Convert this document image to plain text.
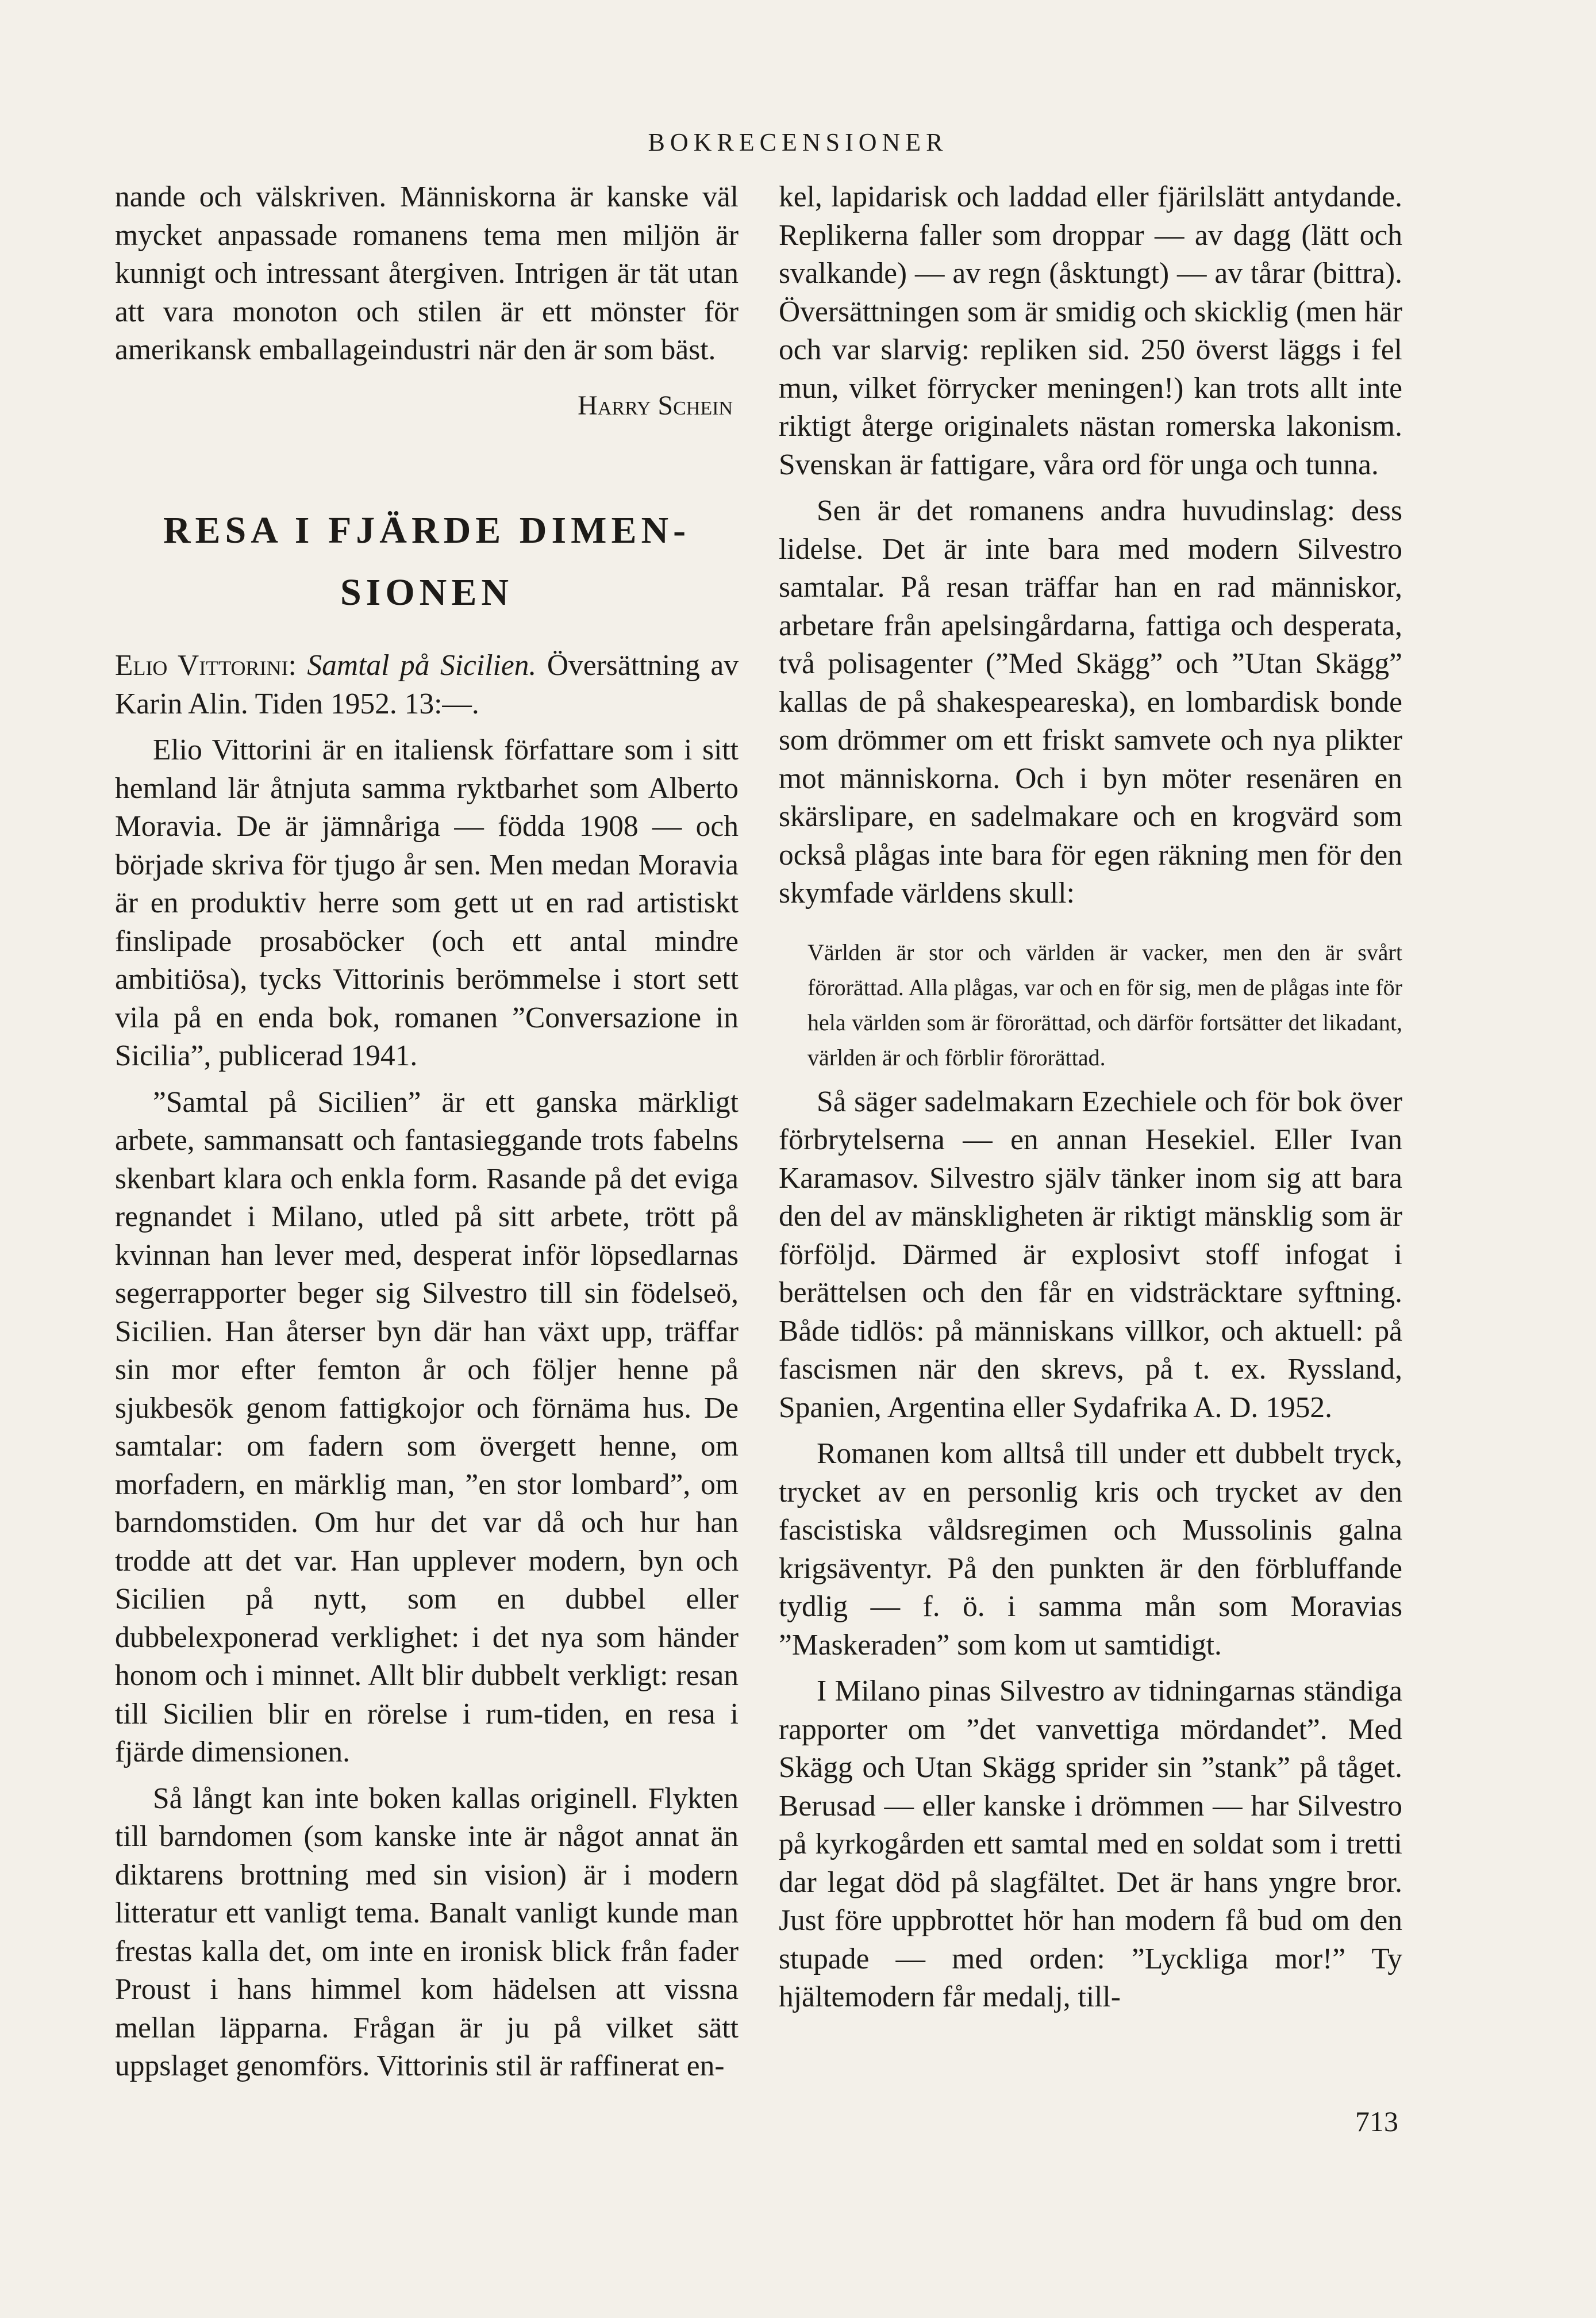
BOKRECENSIONER

nande och välskriven. Människorna är kanske väl mycket anpassade romanens tema men miljön är kunnigt och intressant återgiven. Intrigen är tät utan att vara monoton och stilen är ett mönster för amerikansk emballageindustri när den är som bäst.

Harry Schein

RESA I FJÄRDE DIMEN-
SIONEN

Elio Vittorini: Samtal på Sicilien. Översättning av Karin Alin. Tiden 1952. 13:—.

Elio Vittorini är en italiensk författare som i sitt hemland lär åtnjuta samma ryktbarhet som Alberto Moravia. De är jämnåriga — födda 1908 — och började skriva för tjugo år sen. Men medan Moravia är en produktiv herre som gett ut en rad artistiskt finslipade prosaböcker (och ett antal mindre ambitiösa), tycks Vittorinis berömmelse i stort sett vila på en enda bok, romanen ”Conversazione in Sicilia”, publicerad 1941.

”Samtal på Sicilien” är ett ganska märkligt arbete, sammansatt och fantasieggande trots fabelns skenbart klara och enkla form. Rasande på det eviga regnandet i Milano, utled på sitt arbete, trött på kvinnan han lever med, desperat inför löpsedlarnas segerrapporter beger sig Silvestro till sin födelseö, Sicilien. Han återser byn där han växt upp, träffar sin mor efter femton år och följer henne på sjukbesök genom fattigkojor och förnäma hus. De samtalar: om fadern som övergett henne, om morfadern, en märklig man, ”en stor lombard”, om barndomstiden. Om hur det var då och hur han trodde att det var. Han upplever modern, byn och Sicilien på nytt, som en dubbel eller dubbelexponerad verklighet: i det nya som händer honom och i minnet. Allt blir dubbelt verkligt: resan till Sicilien blir en rörelse i rum-tiden, en resa i fjärde dimensionen.

Så långt kan inte boken kallas originell. Flykten till barndomen (som kanske inte är något annat än diktarens brottning med sin vision) är i modern litteratur ett vanligt tema. Banalt vanligt kunde man frestas kalla det, om inte en ironisk blick från fader Proust i hans himmel kom hädelsen att vissna mellan läpparna. Frågan är ju på vilket sätt uppslaget genomförs. Vittorinis stil är raffinerat en-

kel, lapidarisk och laddad eller fjärilslätt antydande. Replikerna faller som droppar — av dagg (lätt och svalkande) — av regn (åsktungt) — av tårar (bittra). Översättningen som är smidig och skicklig (men här och var slarvig: repliken sid. 250 överst läggs i fel mun, vilket förrycker meningen!) kan trots allt inte riktigt återge originalets nästan romerska lakonism. Svenskan är fattigare, våra ord för unga och tunna.

Sen är det romanens andra huvudinslag: dess lidelse. Det är inte bara med modern Silvestro samtalar. På resan träffar han en rad människor, arbetare från apelsingårdarna, fattiga och desperata, två polisagenter (”Med Skägg” och ”Utan Skägg” kallas de på shakespeareska), en lombardisk bonde som drömmer om ett friskt samvete och nya plikter mot människorna. Och i byn möter resenären en skärslipare, en sadelmakare och en krogvärd som också plågas inte bara för egen räkning men för den skymfade världens skull:

Världen är stor och världen är vacker, men den är svårt förorättad. Alla plågas, var och en för sig, men de plågas inte för hela världen som är förorättad, och därför fortsätter det likadant, världen är och förblir förorättad.

Så säger sadelmakarn Ezechiele och för bok över förbrytelserna — en annan Hesekiel. Eller Ivan Karamasov. Silvestro själv tänker inom sig att bara den del av mänskligheten är riktigt mänsklig som är förföljd. Därmed är explosivt stoff infogat i berättelsen och den får en vidsträcktare syftning. Både tidlös: på människans villkor, och aktuell: på fascismen när den skrevs, på t. ex. Ryssland, Spanien, Argentina eller Sydafrika A. D. 1952.

Romanen kom alltså till under ett dubbelt tryck, trycket av en personlig kris och trycket av den fascistiska våldsregimen och Mussolinis galna krigsäventyr. På den punkten är den förbluffande tydlig — f. ö. i samma mån som Moravias ”Maskeraden” som kom ut samtidigt.

I Milano pinas Silvestro av tidningarnas ständiga rapporter om ”det vanvettiga mördandet”. Med Skägg och Utan Skägg sprider sin ”stank” på tåget. Berusad — eller kanske i drömmen — har Silvestro på kyrkogården ett samtal med en soldat som i tretti dar legat död på slagfältet. Det är hans yngre bror. Just före uppbrottet hör han modern få bud om den stupade — med orden: ”Lyckliga mor!” Ty hjältemodern får medalj, till-

713
